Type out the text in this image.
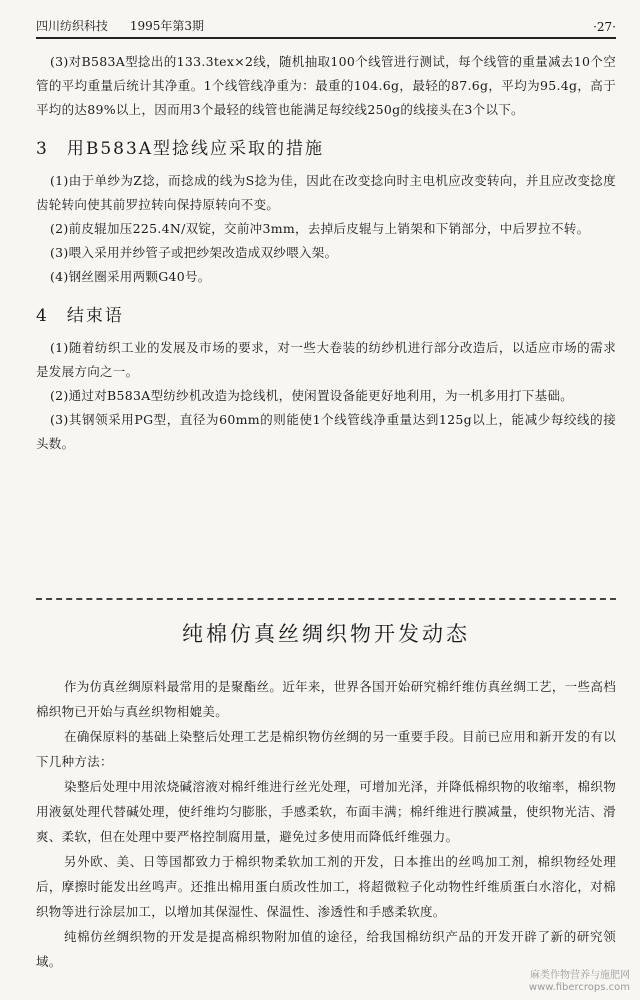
四川纺织科技 1995年第3期	·27·

(3)对B583A型捻出的133.3tex×2线，随机抽取100个线管进行测试，每个线管的重量减去10个空管的平均重量后统计其净重。1个线管线净重为：最重的104.6g，最轻的87.6g，平均为95.4g，高于平均的达89%以上，因而用3个最轻的线管也能满足每绞线250g的线接头在3个以下。

3 用B583A型捻线应采取的措施

(1)由于单纱为Z捻，而捻成的线为S捻为佳，因此在改变捻向时主电机应改变转向，并且应改变捻度齿轮转向使其前罗拉转向保持原转向不变。

(2)前皮辊加压225.4N/双锭，交前冲3mm，去掉后皮辊与上销架和下销部分，中后罗拉不转。

(3)喂入采用并纱管子或把纱架改造成双纱喂入架。

(4)钢丝圈采用两颗G40号。

4 结束语

(1)随着纺织工业的发展及市场的要求，对一些大卷装的纺纱机进行部分改造后，以适应市场的需求是发展方向之一。

(2)通过对B583A型纺纱机改造为捻线机，使闲置设备能更好地利用，为一机多用打下基础。

(3)其钢领采用PG型，直径为60mm的则能使1个线管线净重量达到125g以上，能减少每绞线的接头数。

纯棉仿真丝绸织物开发动态

作为仿真丝绸原料最常用的是聚酯丝。近年来，世界各国开始研究棉纤维仿真丝绸工艺，一些高档棉织物已开始与真丝织物相媲美。

在确保原料的基础上染整后处理工艺是棉织物仿丝绸的另一重要手段。目前已应用和新开发的有以下几种方法：

染整后处理中用浓烧碱溶液对棉纤维进行丝光处理，可增加光泽，并降低棉织物的收缩率，棉织物用液氨处理代替碱处理，使纤维均匀膨胀，手感柔软，布面丰满；棉纤维进行膜减量，使织物光洁、滑爽、柔软，但在处理中要严格控制腐用量，避免过多使用而降低纤维强力。

另外欧、美、日等国都致力于棉织物柔软加工剂的开发，日本推出的丝鸣加工剂，棉织物经处理后，摩擦时能发出丝鸣声。还推出棉用蛋白质改性加工，将超微粒子化动物性纤维质蛋白水溶化，对棉织物等进行涂层加工，以增加其保湿性、保温性、渗透性和手感柔软度。

纯棉仿丝绸织物的开发是提高棉织物附加值的途径，给我国棉纺织产品的开发开辟了新的研究领域。

麻类作物营养与施肥网
www.fibercrops.com
